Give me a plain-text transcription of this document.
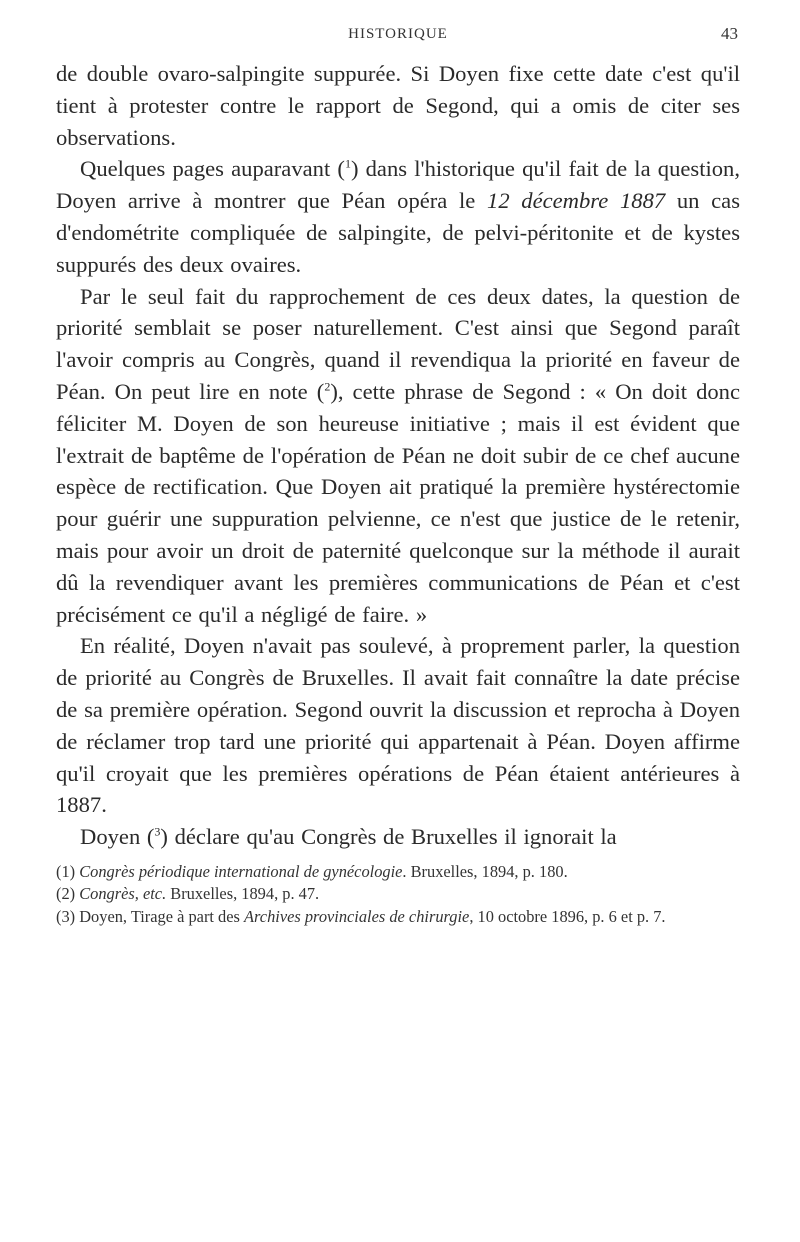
HISTORIQUE	43

de double ovaro-salpingite suppurée. Si Doyen fixe cette date c'est qu'il tient à protester contre le rapport de Segond, qui a omis de citer ses observations.

Quelques pages auparavant ($^1$) dans l'historique qu'il fait de la question, Doyen arrive à montrer que Péan opéra le 12 décembre 1887 un cas d'endométrite compliquée de salpingite, de pelvi-péritonite et de kystes suppurés des deux ovaires.

Par le seul fait du rapprochement de ces deux dates, la question de priorité semblait se poser naturellement. C'est ainsi que Segond paraît l'avoir compris au Congrès, quand il revendiqua la priorité en faveur de Péan. On peut lire en note ($^2$), cette phrase de Segond : « On doit donc féliciter M. Doyen de son heureuse initiative ; mais il est évident que l'extrait de baptême de l'opération de Péan ne doit subir de ce chef aucune espèce de rectification. Que Doyen ait pratiqué la première hystérectomie pour guérir une suppuration pelvienne, ce n'est que justice de le retenir, mais pour avoir un droit de paternité quelconque sur la méthode il aurait dû la revendiquer avant les premières communications de Péan et c'est précisément ce qu'il a négligé de faire. »

En réalité, Doyen n'avait pas soulevé, à proprement parler, la question de priorité au Congrès de Bruxelles. Il avait fait connaître la date précise de sa première opération. Segond ouvrit la discussion et reprocha à Doyen de réclamer trop tard une priorité qui appartenait à Péan. Doyen affirme qu'il croyait que les premières opérations de Péan étaient antérieures à 1887.

Doyen ($^3$) déclare qu'au Congrès de Bruxelles il ignorait la

(1) Congrès périodique international de gynécologie. Bruxelles, 1894, p. 180.

(2) Congrès, etc. Bruxelles, 1894, p. 47.

(3) Doyen, Tirage à part des Archives provinciales de chirurgie, 10 octobre 1896, p. 6 et p. 7.
